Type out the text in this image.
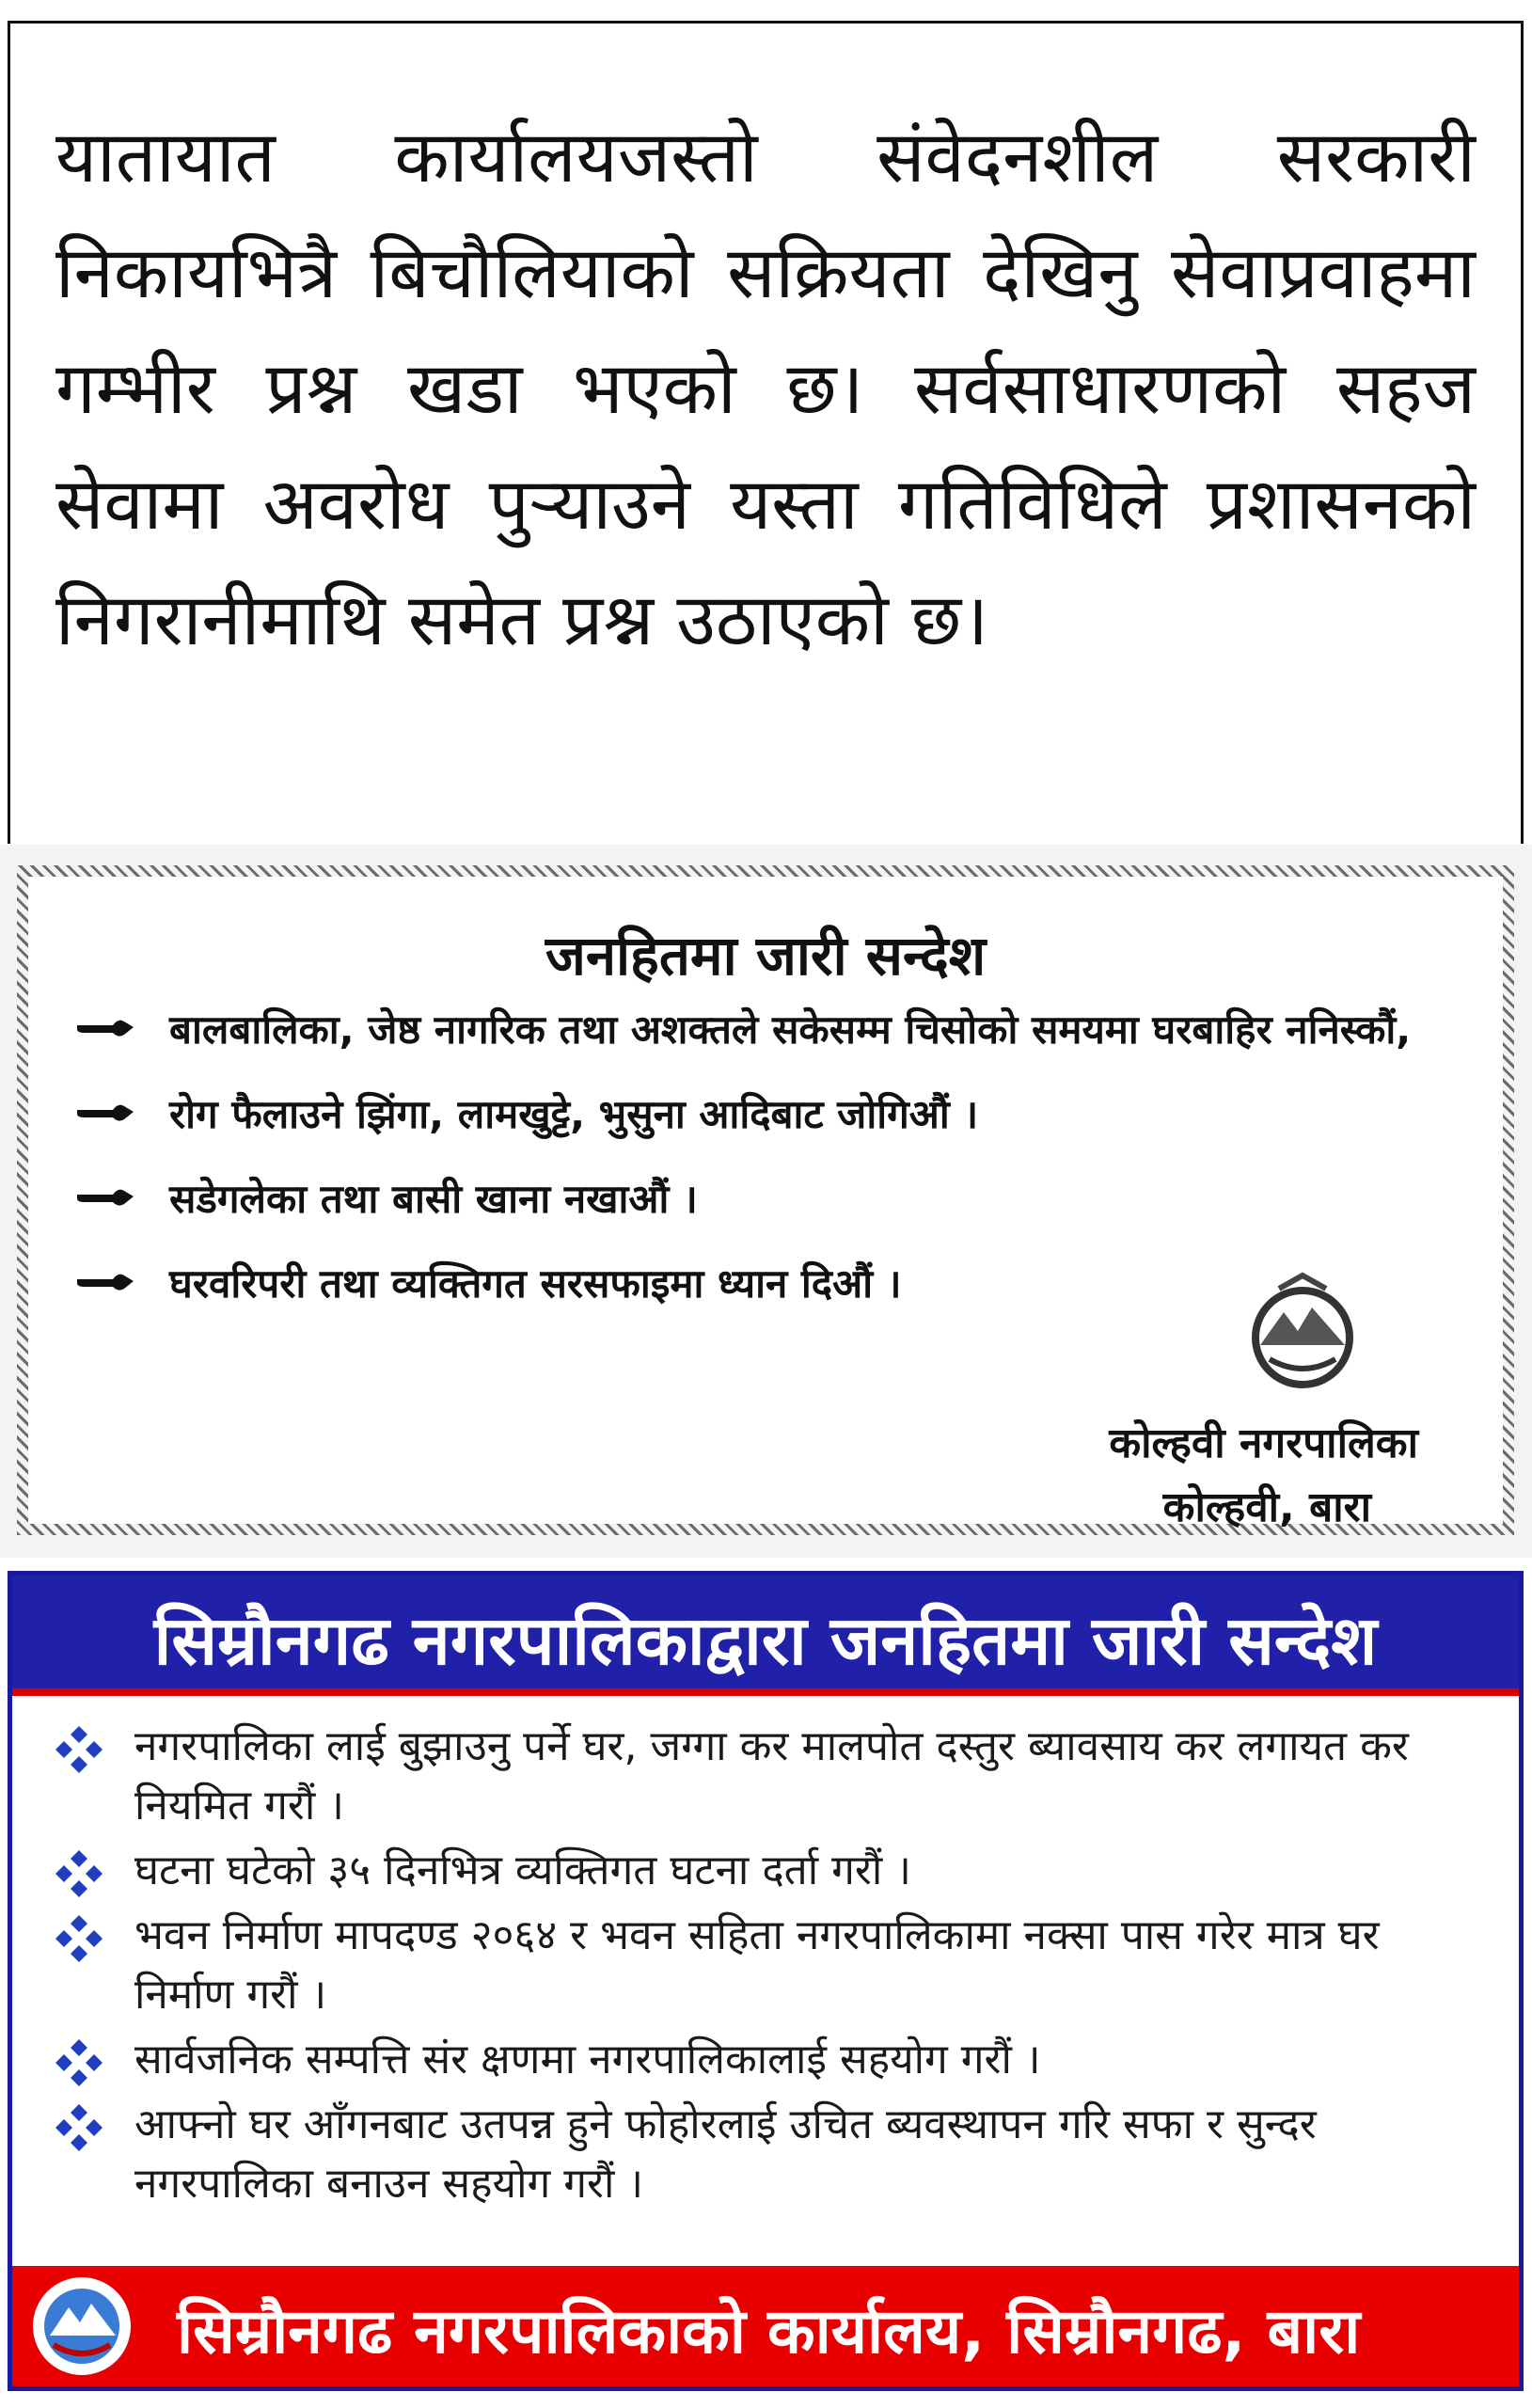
यातायात कार्यालयजस्तो संवेदनशील सरकारी निकायभित्रै बिचौलियाको सक्रियता देखिनु सेवाप्रवाहमा गम्भीर प्रश्न खडा भएको छ। सर्वसाधारणको सहज सेवामा अवरोध पुर्‍याउने यस्ता गतिविधिले प्रशासनको निगरानीमाथि समेत प्रश्न उठाएको छ।

जनहितमा जारी सन्देश
बालबालिका, जेष्ठ नागरिक तथा अशक्तले सकेसम्म चिसोको समयमा घरबाहिर ननिस्कौं,
रोग फैलाउने झिंगा, लामखुट्टे, भुसुना आदिबाट जोगिऔं ।
सडेगलेका तथा बासी खाना नखाऔं ।
घरवरिपरी तथा व्यक्तिगत सरसफाइमा ध्यान दिऔं ।
कोल्हवी नगरपालिका
कोल्हवी, बारा
सिम्रौनगढ नगरपालिकाद्वारा जनहितमा जारी सन्देश
नगरपालिका लाई बुझाउनु पर्ने घर, जग्गा कर मालपोत दस्तुर ब्यावसाय कर लगायत कर नियमित गरौं ।
घटना घटेको ३५ दिनभित्र व्यक्तिगत घटना दर्ता गरौं ।
भवन निर्माण मापदण्ड २०६४ र भवन सहिता नगरपालिकामा नक्सा पास गरेर मात्र घर निर्माण गरौं ।
सार्वजनिक सम्पत्ति संर क्षणमा नगरपालिकालाई सहयोग गरौं ।
आफ्नो घर आँगनबाट उतपन्न हुने फोहोरलाई उचित ब्यवस्थापन गरि सफा र सुन्दर नगरपालिका बनाउन सहयोग गरौं ।

सिम्रौनगढ नगरपालिकाको कार्यालय, सिम्रौनगढ, बारा
